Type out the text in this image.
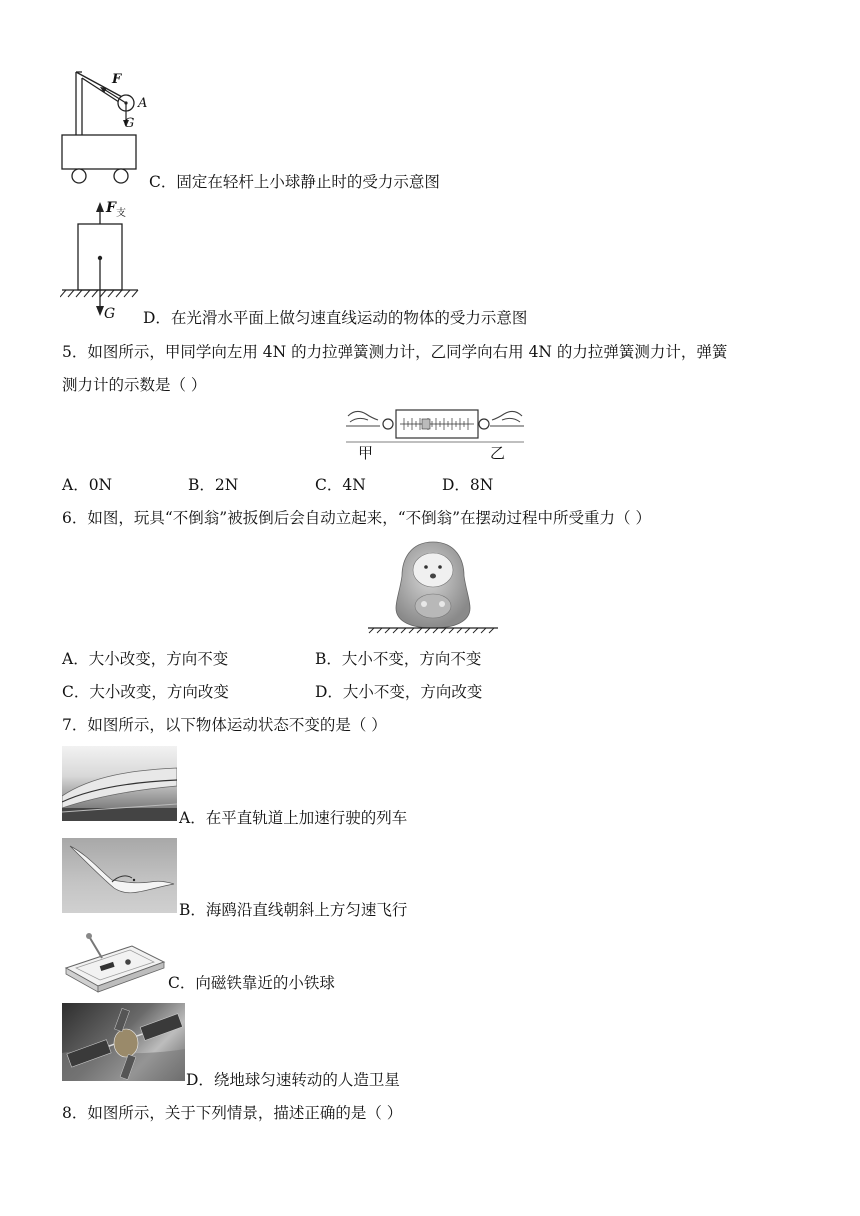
F
A
G
C．固定在轻杆上小球静止时的受力示意图
$F_支$
G D．在光滑水平面上做匀速直线运动的物体的受力示意图
5．如图所示，甲同学向左用 4N 的力拉弹簧测力计，乙同学向右用 4N 的力拉弹簧测力计，弹簧
测力计的示数是（ ）
甲	乙
A．0N	B．2N	C．4N	D．8N
6．如图，玩具“不倒翁”被扳倒后会自动立起来，“不倒翁”在摆动过程中所受重力（ ）
A．大小改变，方向不变	B．大小不变，方向不变
C．大小改变，方向改变	D．大小不变，方向改变
7．如图所示，以下物体运动状态不变的是（ ）
A．在平直轨道上加速行驶的列车
B．海鸥沿直线朝斜上方匀速飞行
C．向磁铁靠近的小铁球
D．绕地球匀速转动的人造卫星
8．如图所示，关于下列情景，描述正确的是（ ）
